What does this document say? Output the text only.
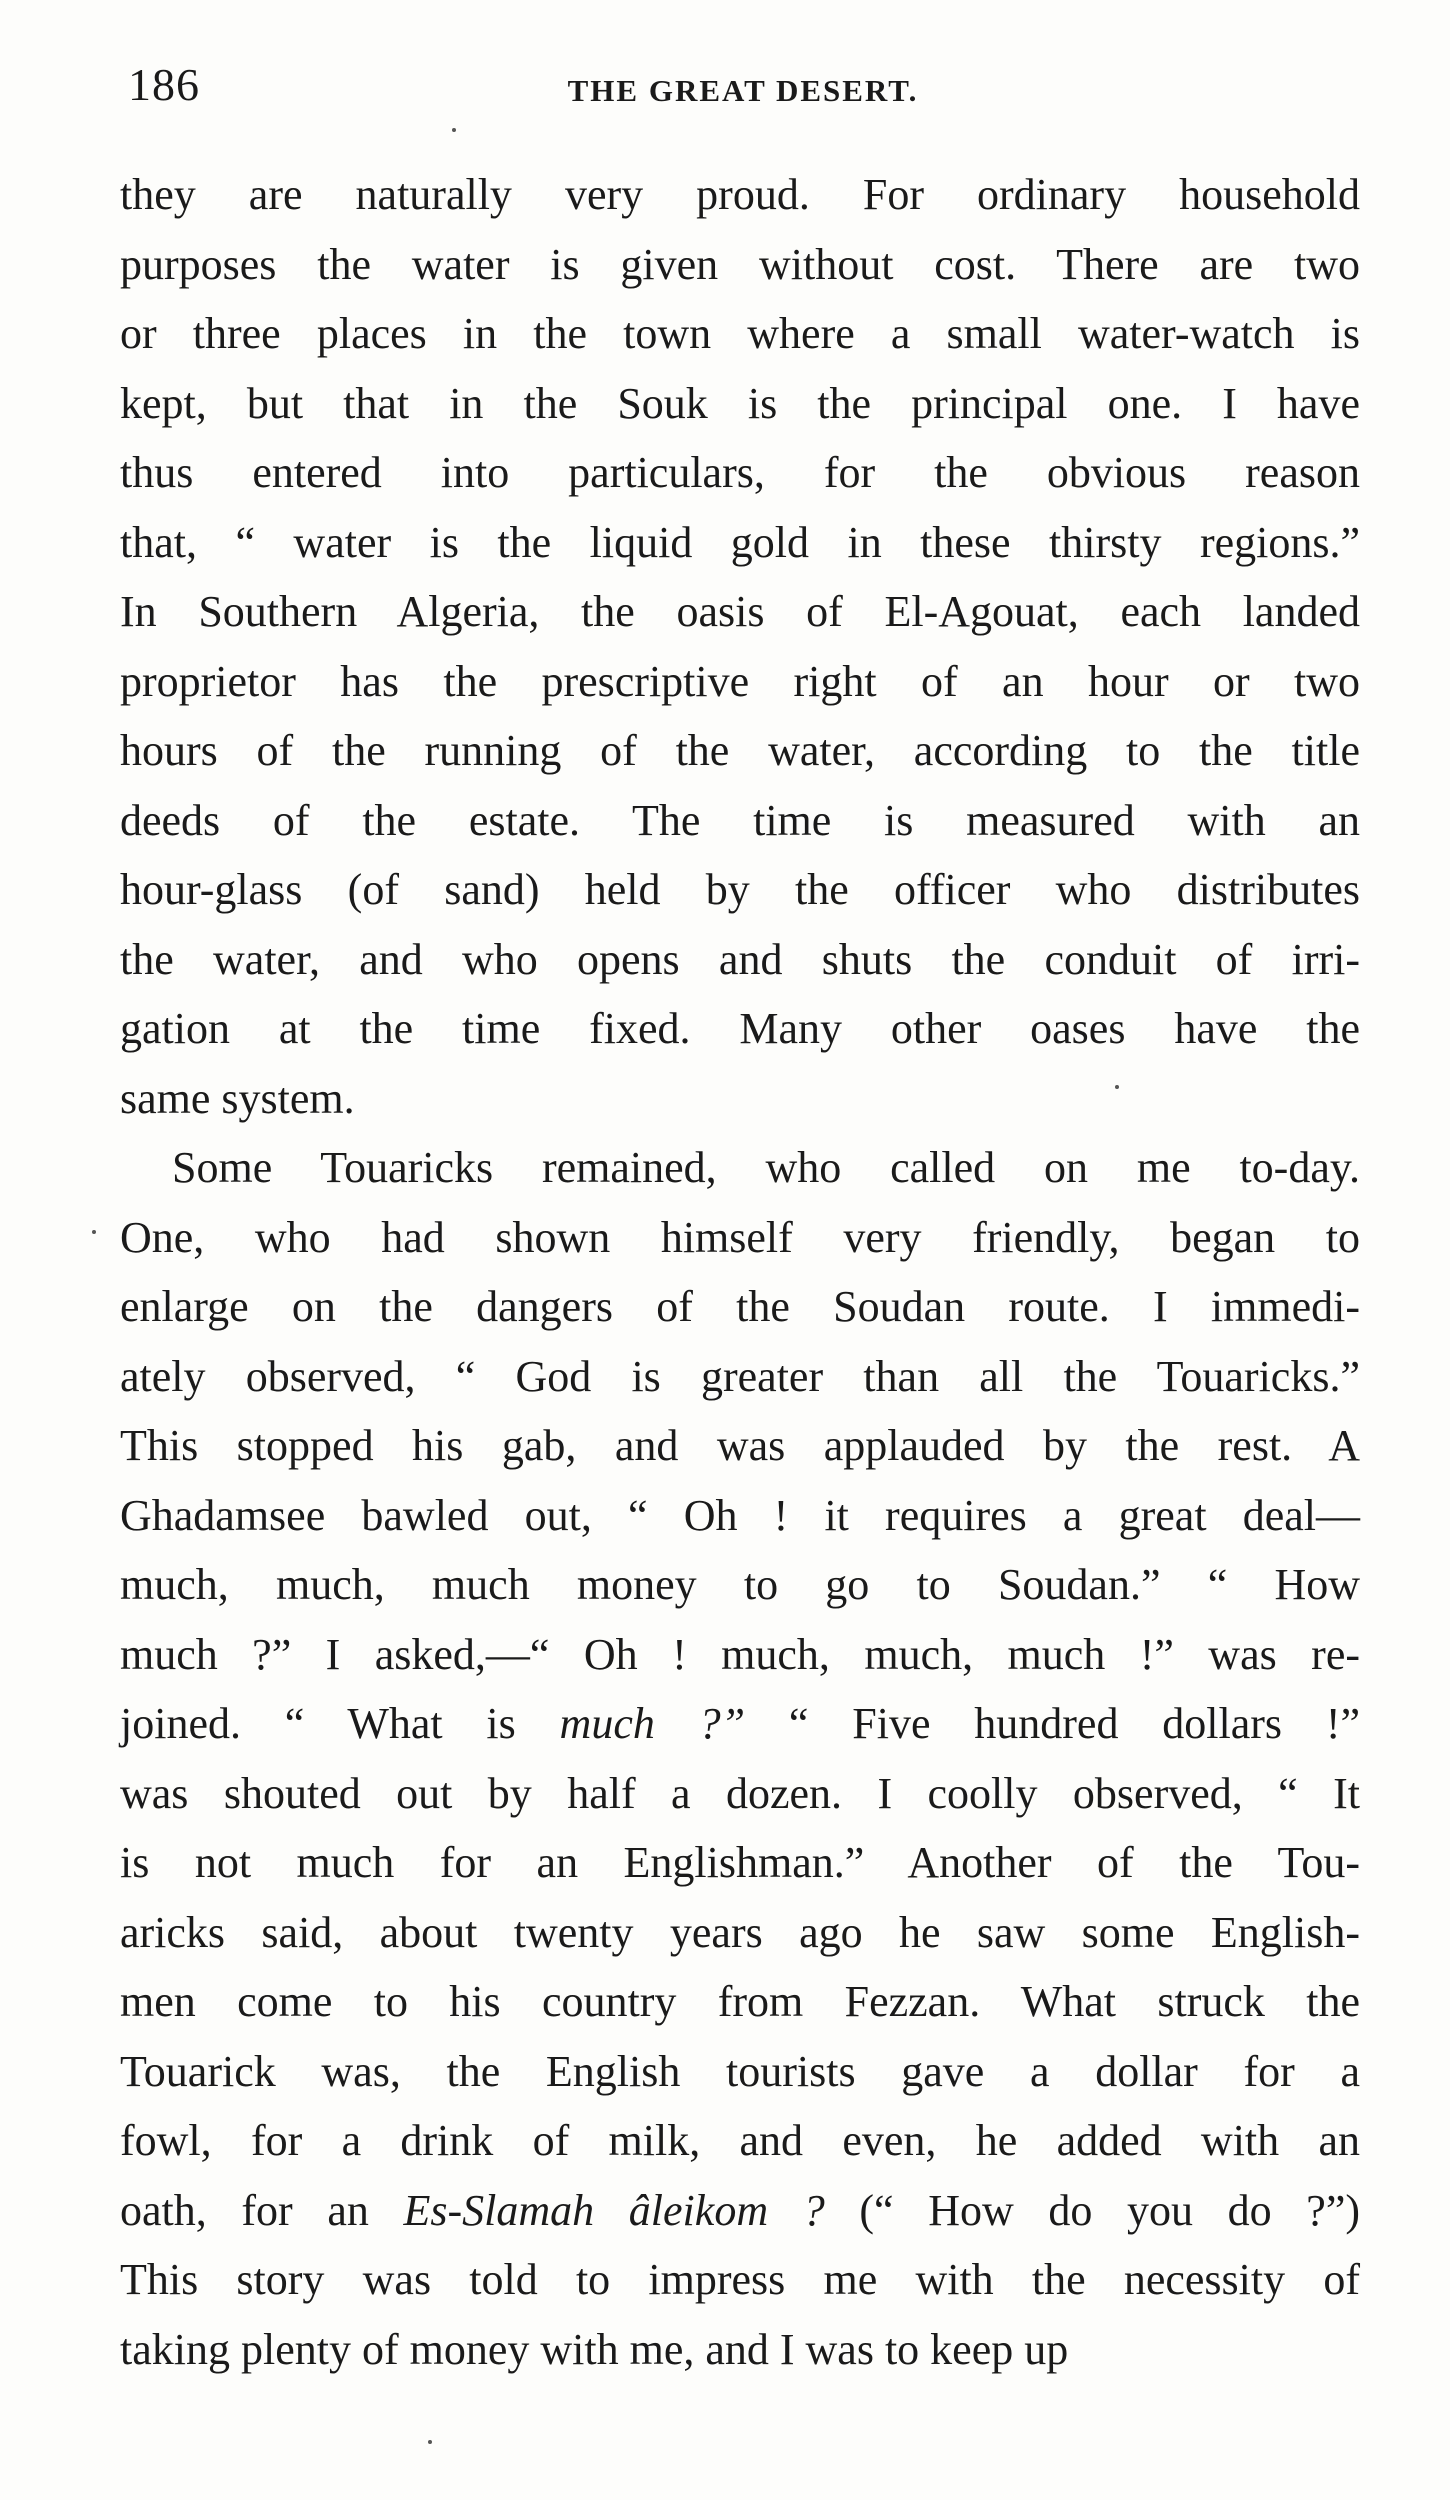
186	THE GREAT DESERT.
they are naturally very proud. For ordinary household
purposes the water is given without cost. There are two
or three places in the town where a small water-watch is
kept, but that in the Souk is the principal one. I have
thus entered into particulars, for the obvious reason
that, “ water is the liquid gold in these thirsty regions.”
In Southern Algeria, the oasis of El-Agouat, each landed
proprietor has the prescriptive right of an hour or two
hours of the running of the water, according to the title
deeds of the estate. The time is measured with an
hour-glass (of sand) held by the officer who distributes
the water, and who opens and shuts the conduit of irri-
gation at the time fixed. Many other oases have the
same system.
Some Touaricks remained, who called on me to-day.
One, who had shown himself very friendly, began to
enlarge on the dangers of the Soudan route. I immedi-
ately observed, “ God is greater than all the Touaricks.”
This stopped his gab, and was applauded by the rest. A
Ghadamsee bawled out, “ Oh ! it requires a great deal—
much, much, much money to go to Soudan.” “ How
much ?” I asked,—“ Oh ! much, much, much !” was re-
joined. “ What is much ?” “ Five hundred dollars !”
was shouted out by half a dozen. I coolly observed, “ It
is not much for an Englishman.” Another of the Tou-
aricks said, about twenty years ago he saw some English-
men come to his country from Fezzan. What struck the
Touarick was, the English tourists gave a dollar for a
fowl, for a drink of milk, and even, he added with an
oath, for an Es-Slamah âleikom ? (“ How do you do ?”)
This story was told to impress me with the necessity of
taking plenty of money with me, and I was to keep up
